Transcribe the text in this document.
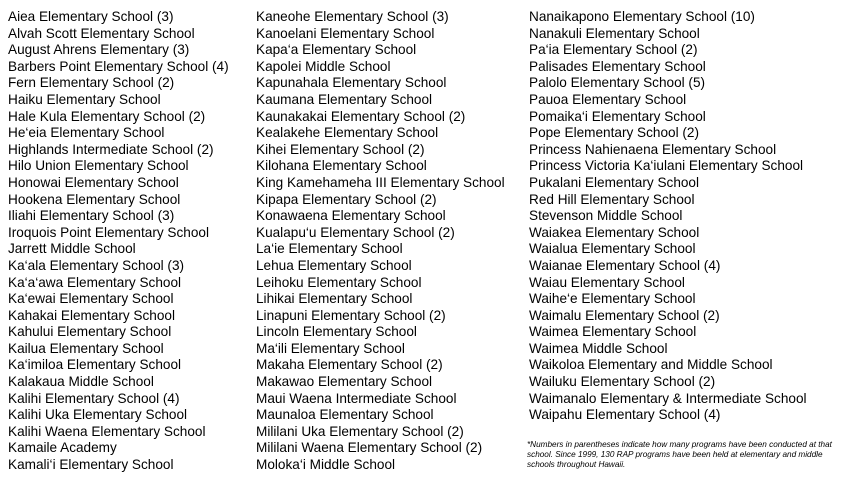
Aiea Elementary School (3)
Alvah Scott Elementary School
August Ahrens Elementary (3)
Barbers Point Elementary School (4)
Fern Elementary School (2)
Haiku Elementary School
Hale Kula Elementary School (2)
He‘eia Elementary School
Highlands Intermediate School (2)
Hilo Union Elementary School
Honowai Elementary School
Hookena Elementary School
Iliahi Elementary School (3)
Iroquois Point Elementary School
Jarrett Middle School
Ka‘ala Elementary School (3)
Ka‘a‘awa Elementary School
Ka‘ewai Elementary School
Kahakai Elementary School
Kahului Elementary School
Kailua Elementary School
Ka‘imiloa Elementary School
Kalakaua Middle School
Kalihi Elementary School (4)
Kalihi Uka Elementary School
Kalihi Waena Elementary School
Kamaile Academy
Kamali‘i Elementary School
Kaneohe Elementary School (3)
Kanoelani Elementary School
Kapa‘a Elementary School
Kapolei Middle School
Kapunahala Elementary School
Kaumana Elementary School
Kaunakakai Elementary School (2)
Kealakehe Elementary School
Kihei Elementary School (2)
Kilohana Elementary School
King Kamehameha III Elementary School
Kipapa Elementary School (2)
Konawaena Elementary School
Kualapu‘u Elementary School (2)
La‘ie Elementary School
Lehua Elementary School
Leihoku Elementary School
Lihikai Elementary School
Linapuni Elementary School (2)
Lincoln Elementary School
Ma‘ili Elementary School
Makaha Elementary School (2)
Makawao Elementary School
Maui Waena Intermediate School
Maunaloa Elementary School
Mililani Uka Elementary School (2)
Mililani Waena Elementary School (2)
Moloka‘i Middle School
Nanaikapono Elementary School (10)
Nanakuli Elementary School
Pa‘ia Elementary School (2)
Palisades Elementary School
Palolo Elementary School (5)
Pauoa Elementary School
Pomaika‘i Elementary School
Pope Elementary School (2)
Princess Nahienaena Elementary School
Princess Victoria Ka‘iulani Elementary School
Pukalani Elementary School
Red Hill Elementary School
Stevenson Middle School
Waiakea Elementary School
Waialua Elementary School
Waianae Elementary School (4)
Waiau Elementary School
Waihe‘e Elementary School
Waimalu Elementary School (2)
Waimea Elementary School
Waimea Middle School
Waikoloa Elementary and Middle School
Wailuku Elementary School (2)
Waimanalo Elementary & Intermediate School
Waipahu Elementary School (4)
*Numbers in parentheses indicate how many programs have been conducted at that school. Since 1999, 130 RAP programs have been held at elementary and middle schools throughout Hawaii.
